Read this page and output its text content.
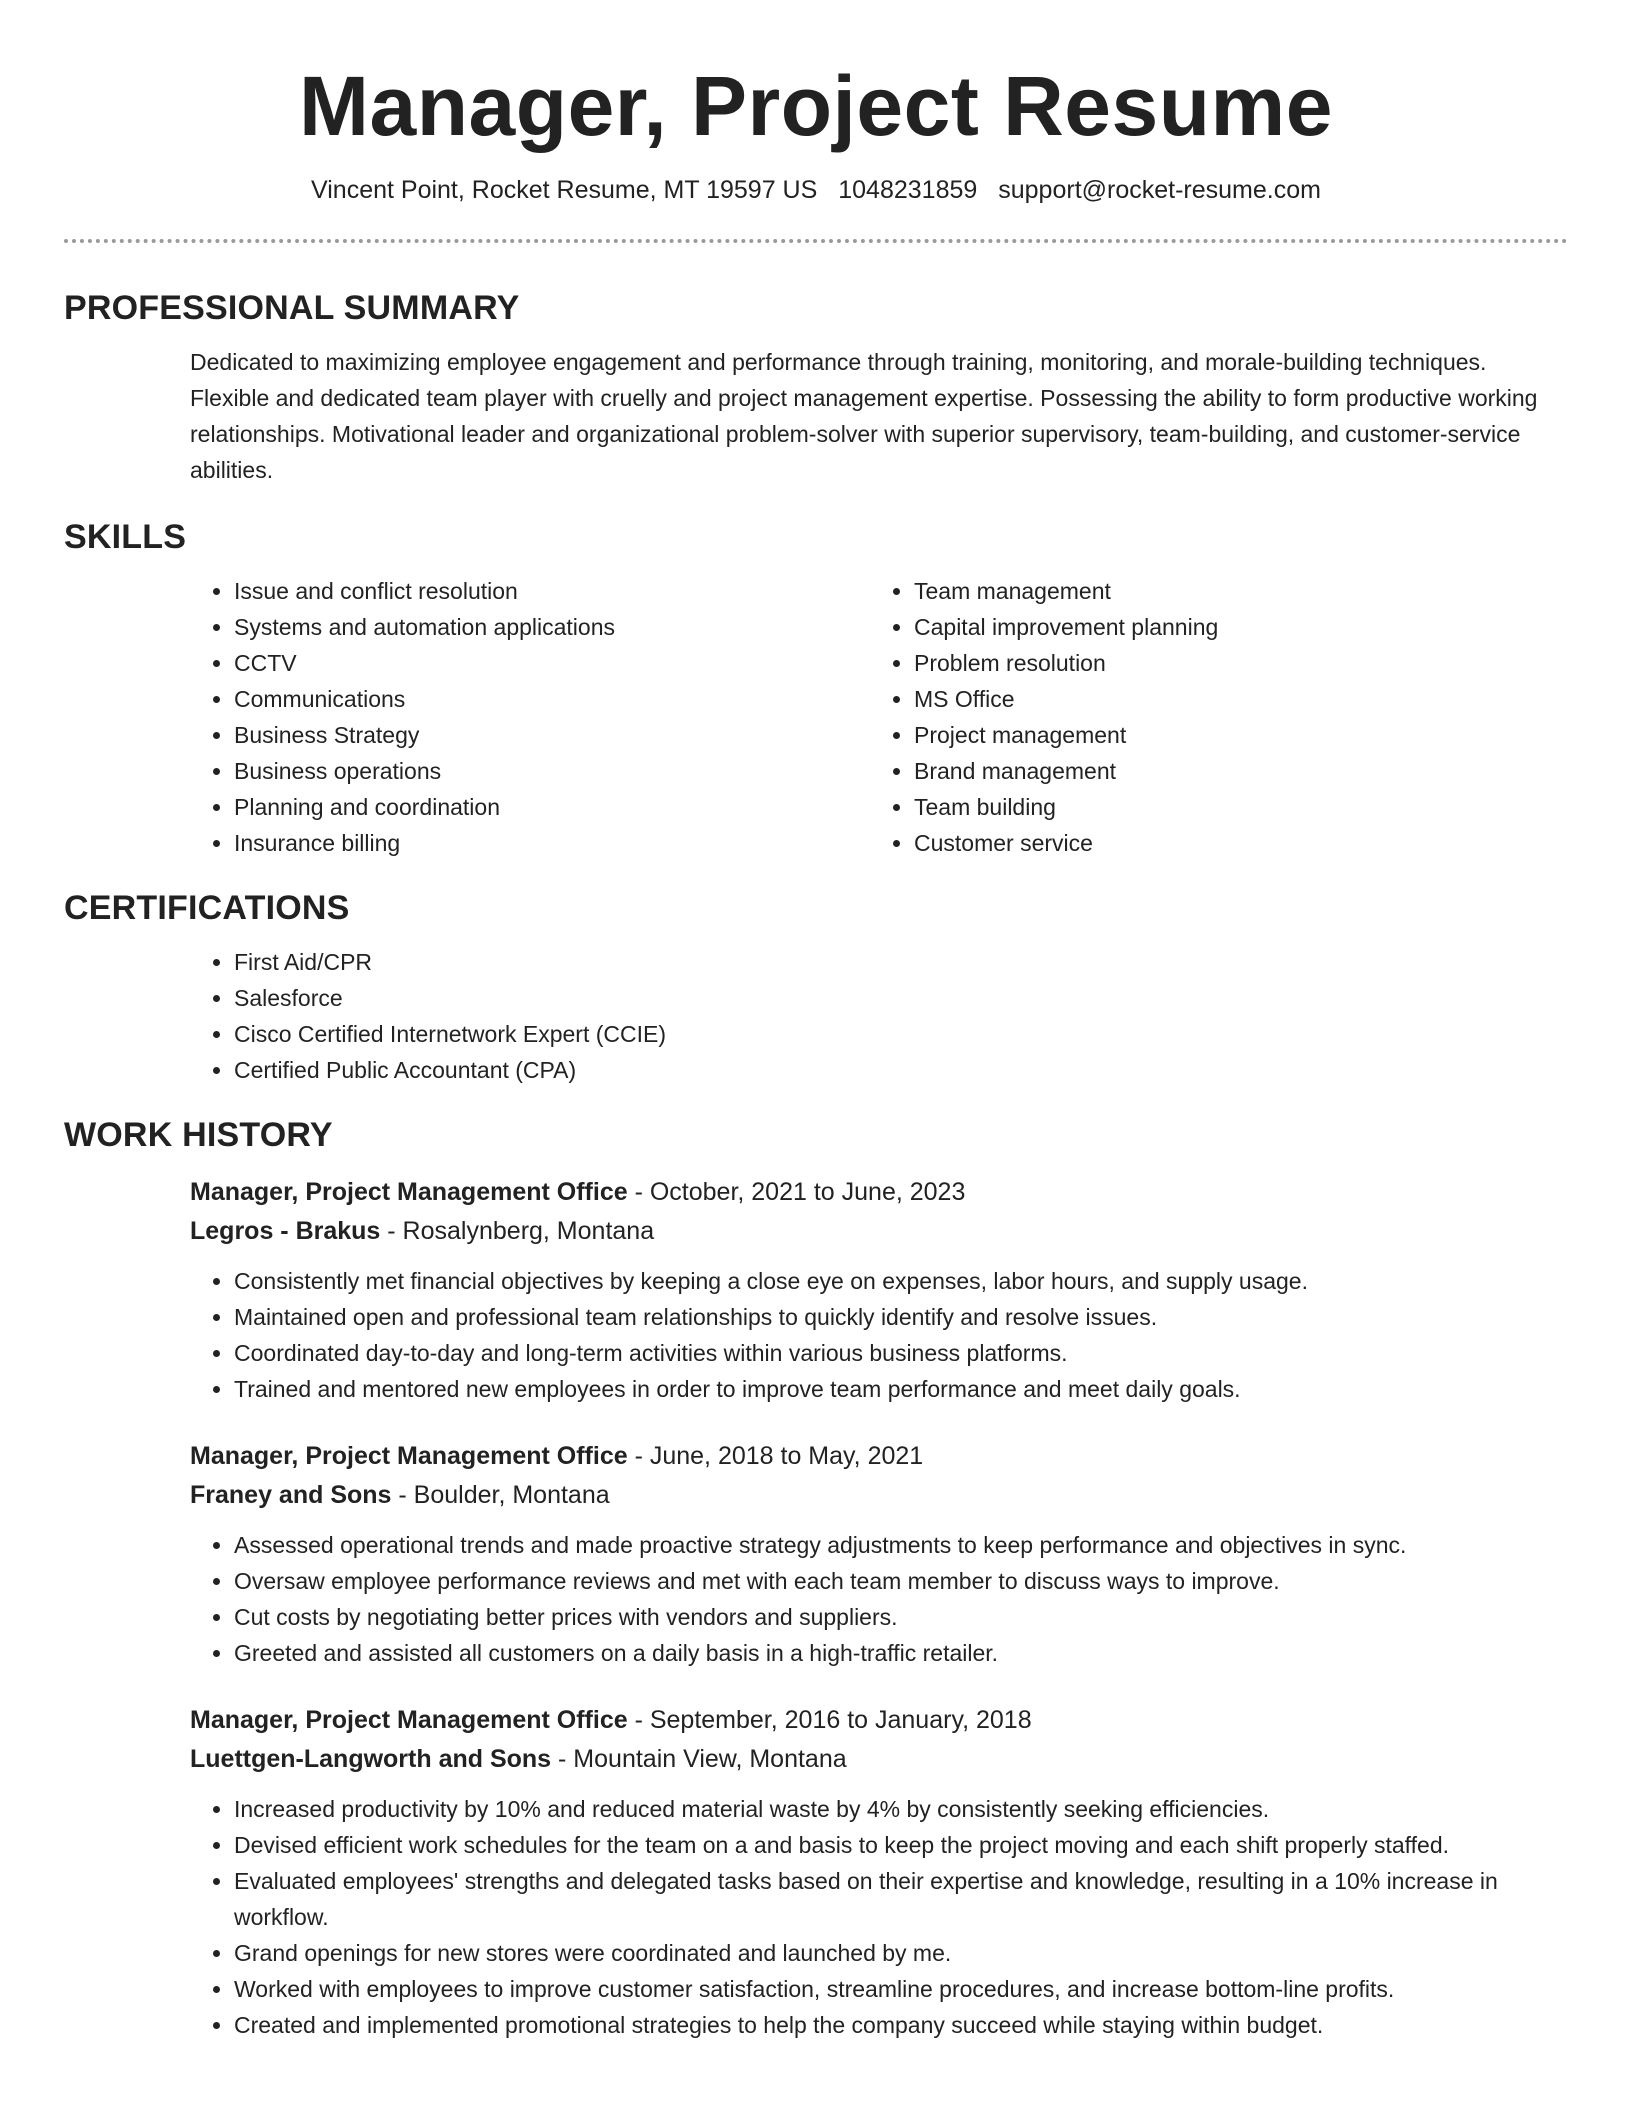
Manager, Project Resume
Vincent Point, Rocket Resume, MT 19597 US 1048231859 support@rocket-resume.com
PROFESSIONAL SUMMARY

Dedicated to maximizing employee engagement and performance through training, monitoring, and morale-building techniques. Flexible and dedicated team player with cruelly and project management expertise. Possessing the ability to form productive working relationships. Motivational leader and organizational problem-solver with superior supervisory, team-building, and customer-service abilities.

SKILLS
• Issue and conflict resolution
• Systems and automation applications
• CCTV
• Communications
• Business Strategy
• Business operations
• Planning and coordination
• Insurance billing
• Team management
• Capital improvement planning
• Problem resolution
• MS Office
• Project management
• Brand management
• Team building
• Customer service
CERTIFICATIONS
• First Aid/CPR
• Salesforce
• Cisco Certified Internetwork Expert (CCIE)
• Certified Public Accountant (CPA)
WORK HISTORY
Manager, Project Management Office - October, 2021 to June, 2023
Legros - Brakus - Rosalynberg, Montana
• Consistently met financial objectives by keeping a close eye on expenses, labor hours, and supply usage.
• Maintained open and professional team relationships to quickly identify and resolve issues.
• Coordinated day-to-day and long-term activities within various business platforms.
• Trained and mentored new employees in order to improve team performance and meet daily goals.
Manager, Project Management Office - June, 2018 to May, 2021
Franey and Sons - Boulder, Montana
• Assessed operational trends and made proactive strategy adjustments to keep performance and objectives in sync.
• Oversaw employee performance reviews and met with each team member to discuss ways to improve.
• Cut costs by negotiating better prices with vendors and suppliers.
• Greeted and assisted all customers on a daily basis in a high-traffic retailer.
Manager, Project Management Office - September, 2016 to January, 2018
Luettgen-Langworth and Sons - Mountain View, Montana
• Increased productivity by 10% and reduced material waste by 4% by consistently seeking efficiencies.
• Devised efficient work schedules for the team on a and basis to keep the project moving and each shift properly staffed.
• Evaluated employees' strengths and delegated tasks based on their expertise and knowledge, resulting in a 10% increase in workflow.
• Grand openings for new stores were coordinated and launched by me.
• Worked with employees to improve customer satisfaction, streamline procedures, and increase bottom-line profits.
• Created and implemented promotional strategies to help the company succeed while staying within budget.
